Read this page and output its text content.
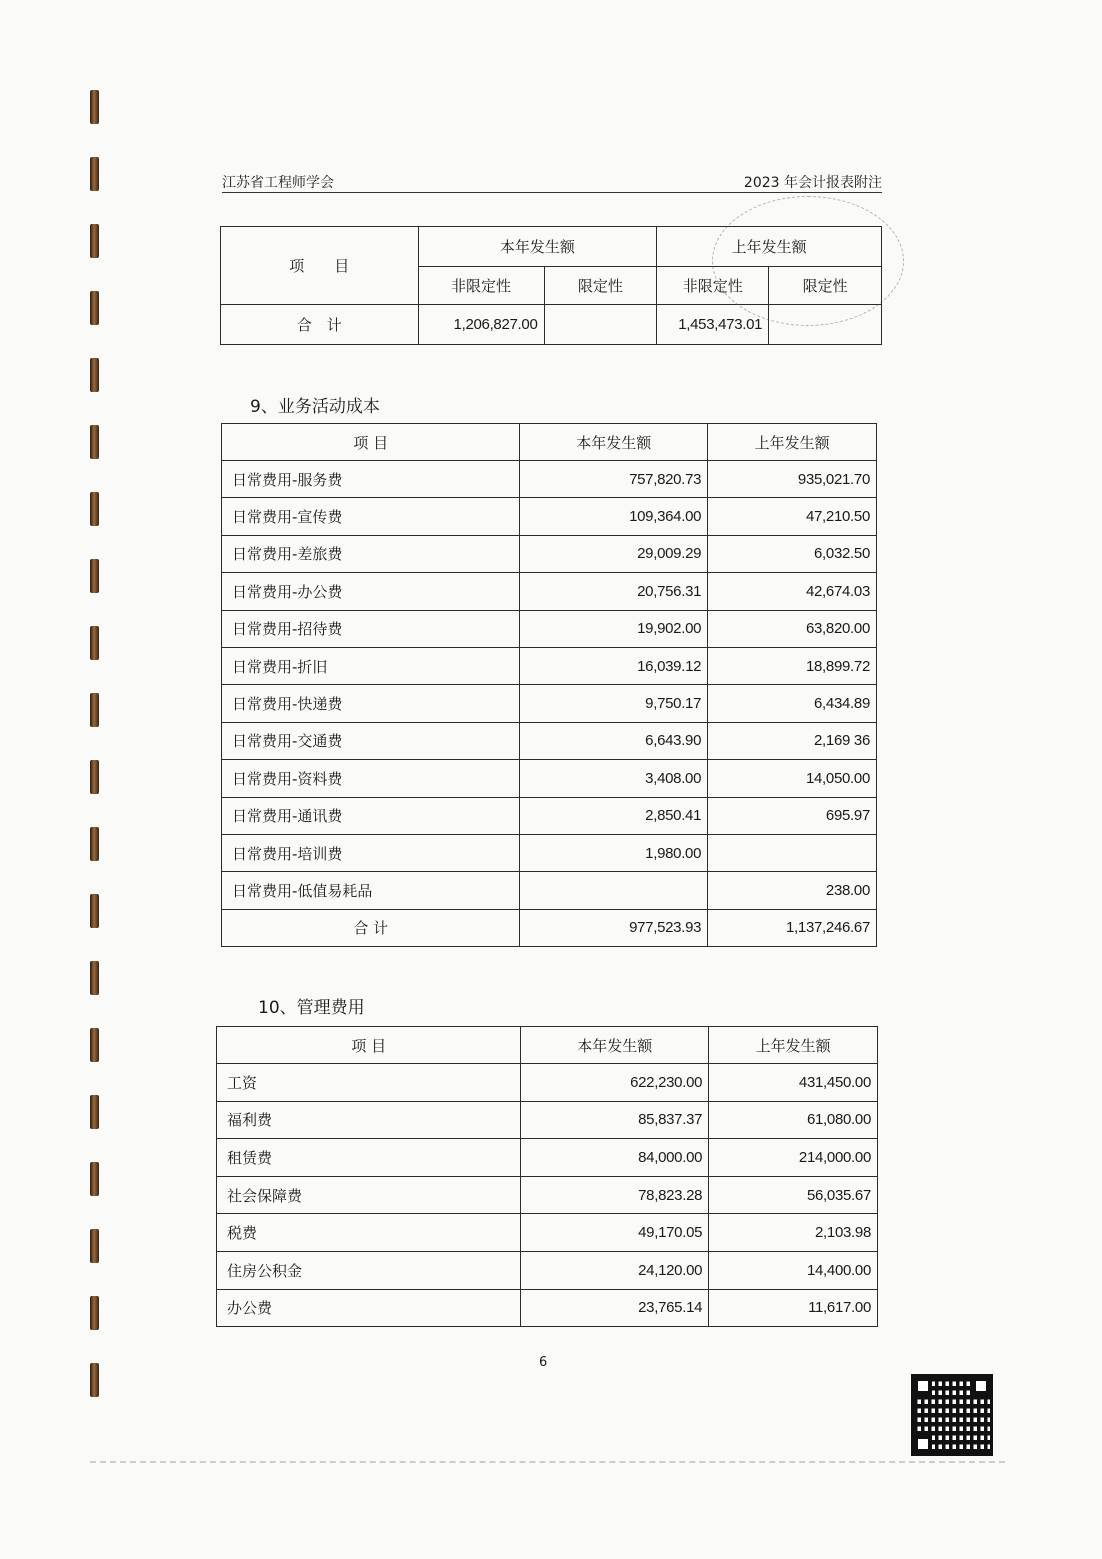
江苏省工程师学会	2023 年会计报表附注
项　　目	本年发生额		上年发生额	
	非限定性	限定性	非限定性	限定性
合　计	1,206,827.00		1,453,473.01	
9、业务活动成本
项 目	本年发生额	上年发生额
日常费用-服务费	757,820.73	935,021.70
日常费用-宣传费	109,364.00	47,210.50
日常费用-差旅费	29,009.29	6,032.50
日常费用-办公费	20,756.31	42,674.03
日常费用-招待费	19,902.00	63,820.00
日常费用-折旧	16,039.12	18,899.72
日常费用-快递费	9,750.17	6,434.89
日常费用-交通费	6,643.90	2,169 36
日常费用-资料费	3,408.00	14,050.00
日常费用-通讯费	2,850.41	695.97
日常费用-培训费	1,980.00	
日常费用-低值易耗品		238.00
合 计	977,523.93	1,137,246.67
10、管理费用
项 目	本年发生额	上年发生额
工资	622,230.00	431,450.00
福利费	85,837.37	61,080.00
租赁费	84,000.00	214,000.00
社会保障费	78,823.28	56,035.67
税费	49,170.05	2,103.98
住房公积金	24,120.00	14,400.00
办公费	23,765.14	11,617.00
6
